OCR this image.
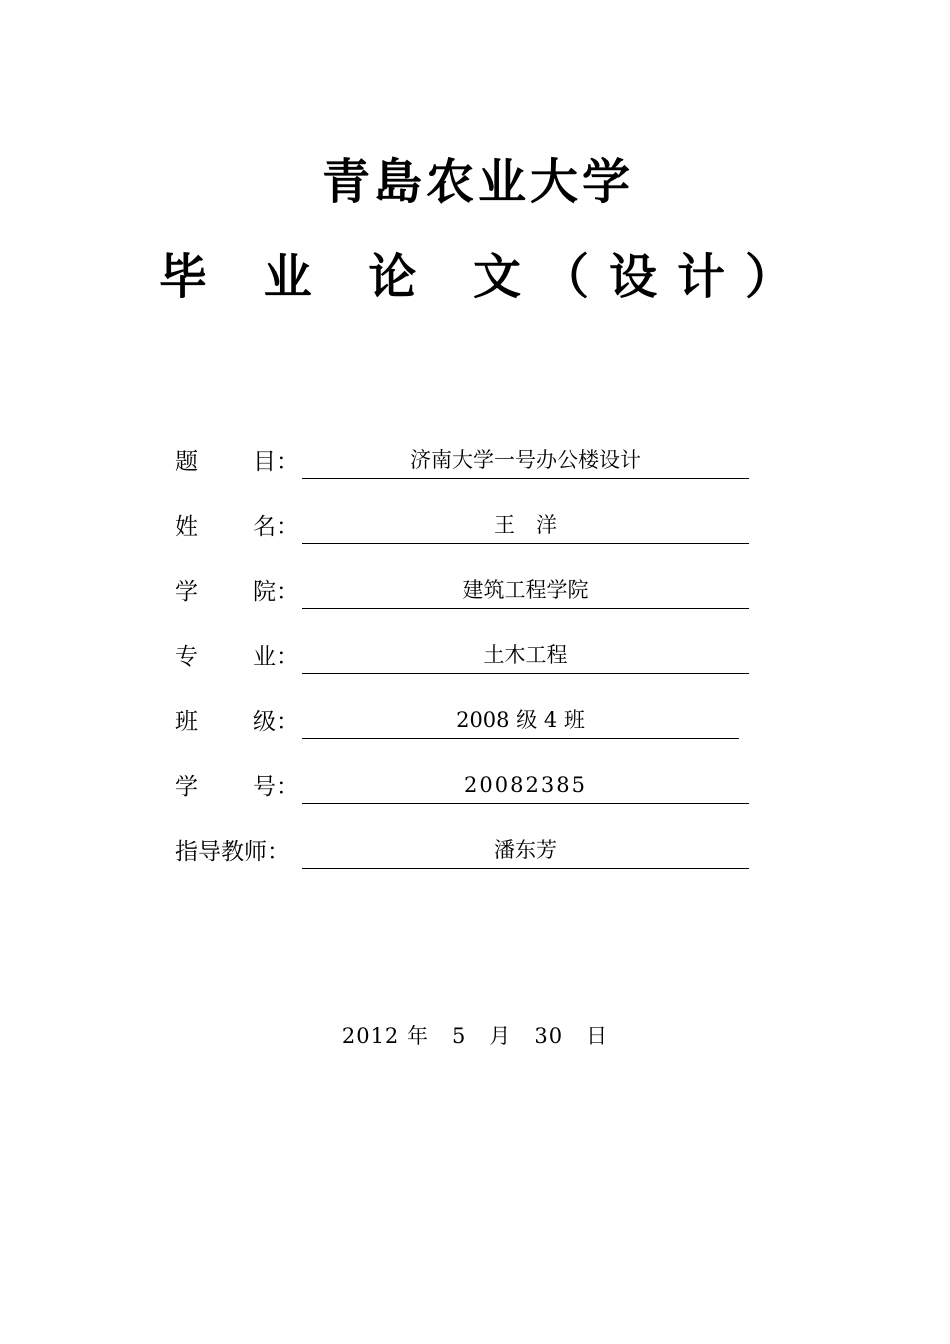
青島农业大学
毕 业 论 文（设计）
题 目：	济南大学一号办公楼设计
姓 名：	王　洋
学 院：	建筑工程学院
专 业：	土木工程
班 级：	2008 级 4 班
学 号：	20082385
指导教师：	潘东芳
2012 年   5   月   30   日
